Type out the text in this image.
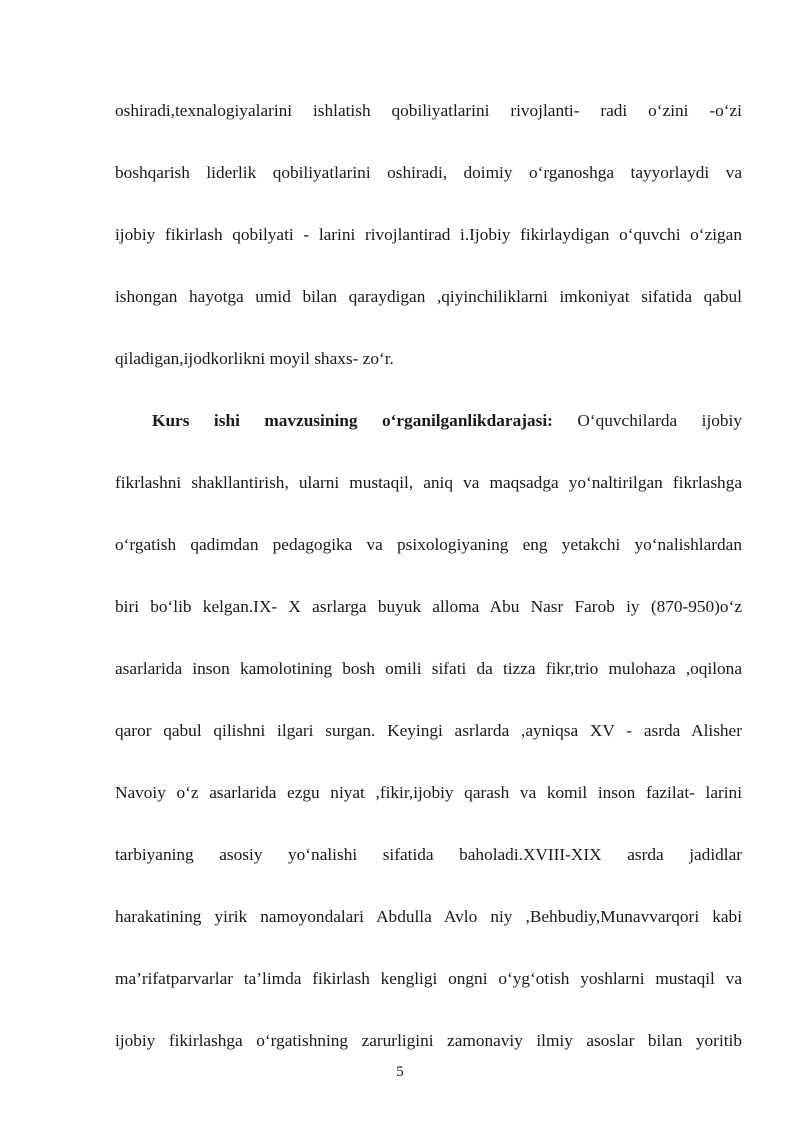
oshiradi,texnalogiyalarini ishlatish qobiliyatlarini rivojlanti- radi o‘zini -o‘zi
boshqarish liderlik qobiliyatlarini oshiradi, doimiy o‘rganoshga tayyorlaydi va
ijobiy fikirlash qobilyati - larini rivojlantirad i.Ijobiy fikirlaydigan o‘quvchi o‘zigan
ishongan hayotga umid bilan qaraydigan ,qiyinchiliklarni imkoniyat sifatida qabul
qiladigan,ijodkorlikni moyil shaxs- zo‘r.
Kurs ishi mavzusining o‘rganilganlikdarajasi: O‘quvchilarda ijobiy
fikrlashni shakllantirish, ularni mustaqil, aniq va maqsadga yo‘naltirilgan fikrlashga
o‘rgatish qadimdan pedagogika va psixologiyaning eng yetakchi yo‘nalishlardan
biri bo‘lib kelgan.IX- X asrlarga buyuk alloma Abu Nasr Farob iy (870-950)o‘z
asarlarida inson kamolotining bosh omili sifati da tizza fikr,trio mulohaza ,oqilona
qaror qabul qilishni ilgari surgan. Keyingi asrlarda ,ayniqsa XV - asrda Alisher
Navoiy o‘z asarlarida ezgu niyat ,fikir,ijobiy qarash va komil inson fazilat- larini
tarbiyaning asosiy yo‘nalishi sifatida baholadi.XVIII-XIX asrda jadidlar
harakatining yirik namoyondalari Abdulla Avlo niy ,Behbudiy,Munavvarqori kabi
ma’rifatparvarlar ta’limda fikirlash kengligi ongni o‘yg‘otish yoshlarni mustaqil va
ijobiy fikirlashga o‘rgatishning zarurligini zamonaviy ilmiy asoslar bilan yoritib
5
